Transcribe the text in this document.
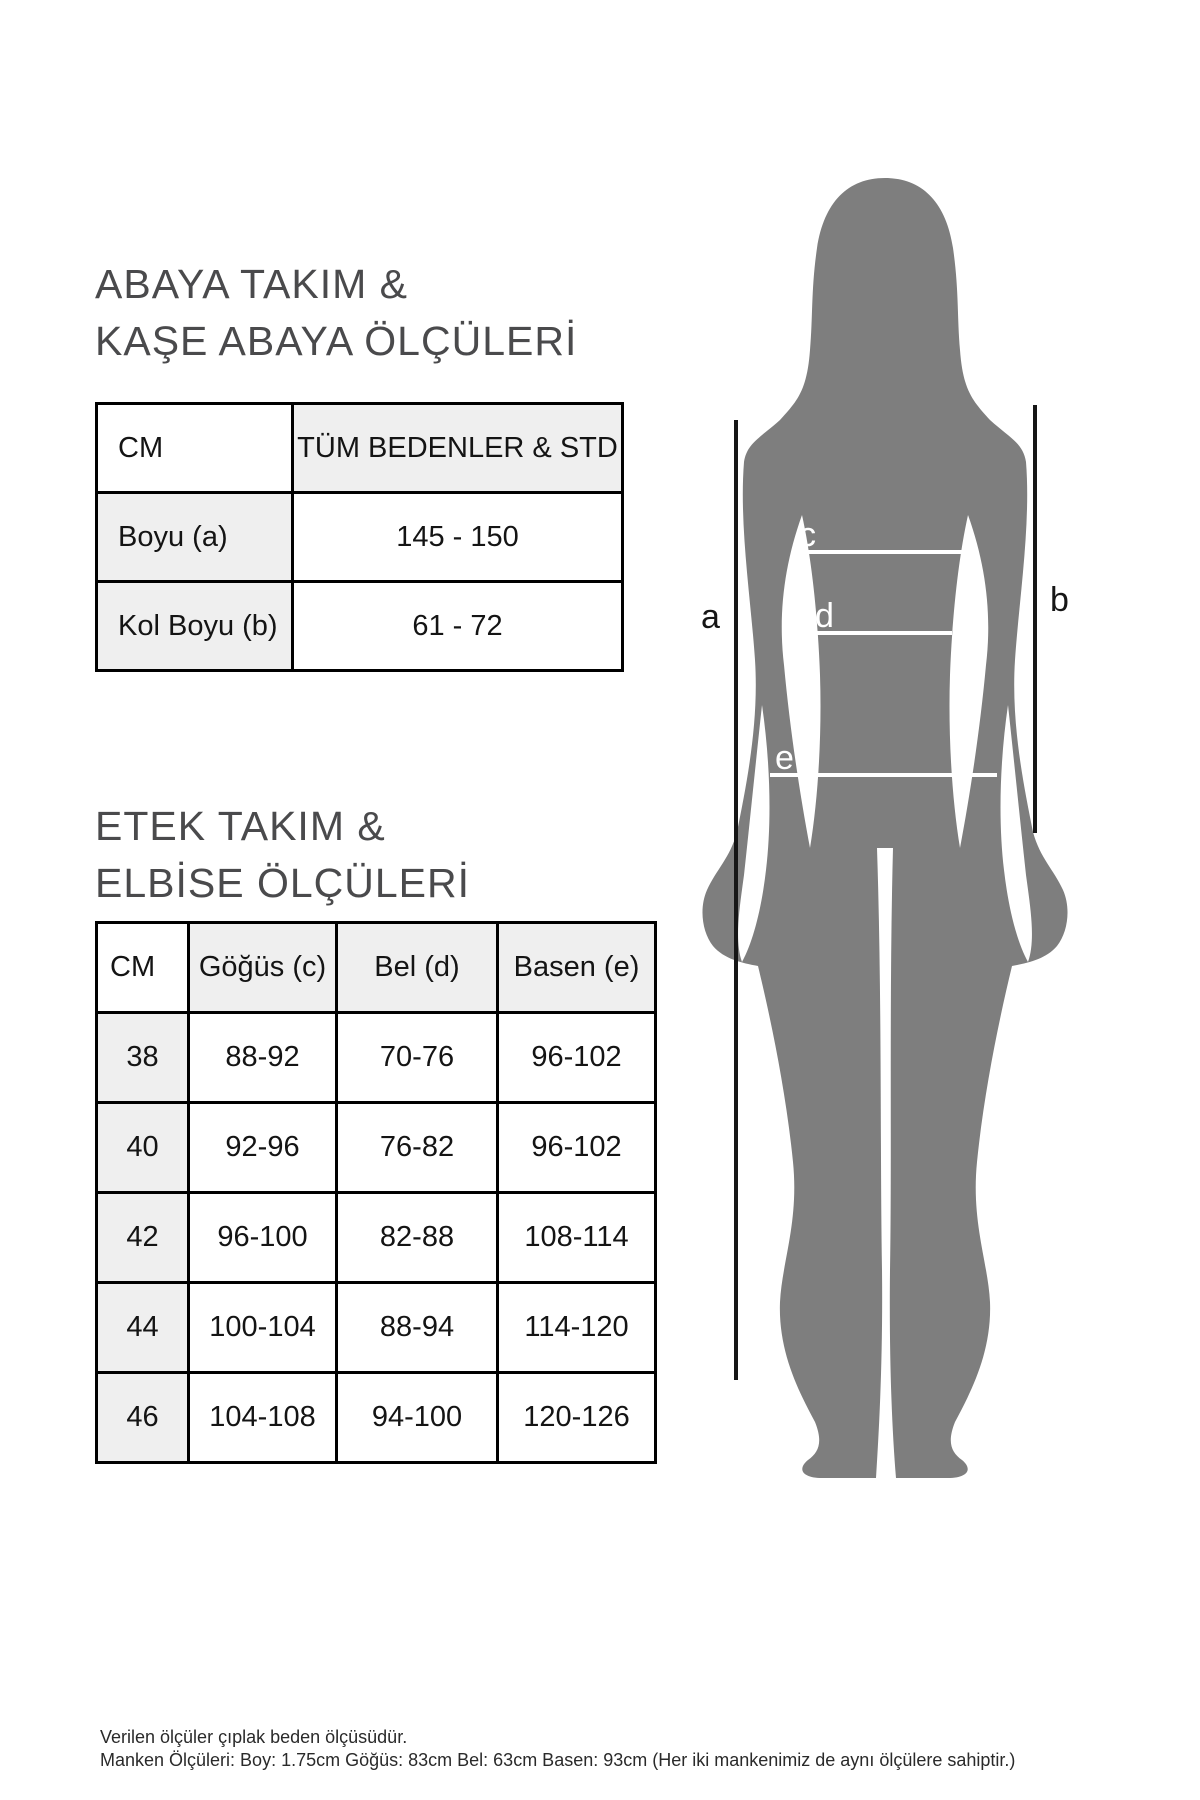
ABAYA TAKIM &
KAŞE ABAYA ÖLÇÜLERİ
CM	TÜM BEDENLER & STD
Boyu (a)	145 - 150
Kol Boyu (b)	61 - 72
ETEK TAKIM &
ELBİSE ÖLÇÜLERİ
CM	Göğüs (c)	Bel (d)	Basen (e)
38	88-92	70-76	96-102
40	92-96	76-82	96-102
42	96-100	82-88	108-114
44	100-104	88-94	114-120
46	104-108	94-100	120-126
a	b
c
d
e
Verilen ölçüler çıplak beden ölçüsüdür.
Manken Ölçüleri: Boy: 1.75cm Göğüs: 83cm Bel: 63cm Basen: 93cm (Her iki mankenimiz de aynı ölçülere sahiptir.)
